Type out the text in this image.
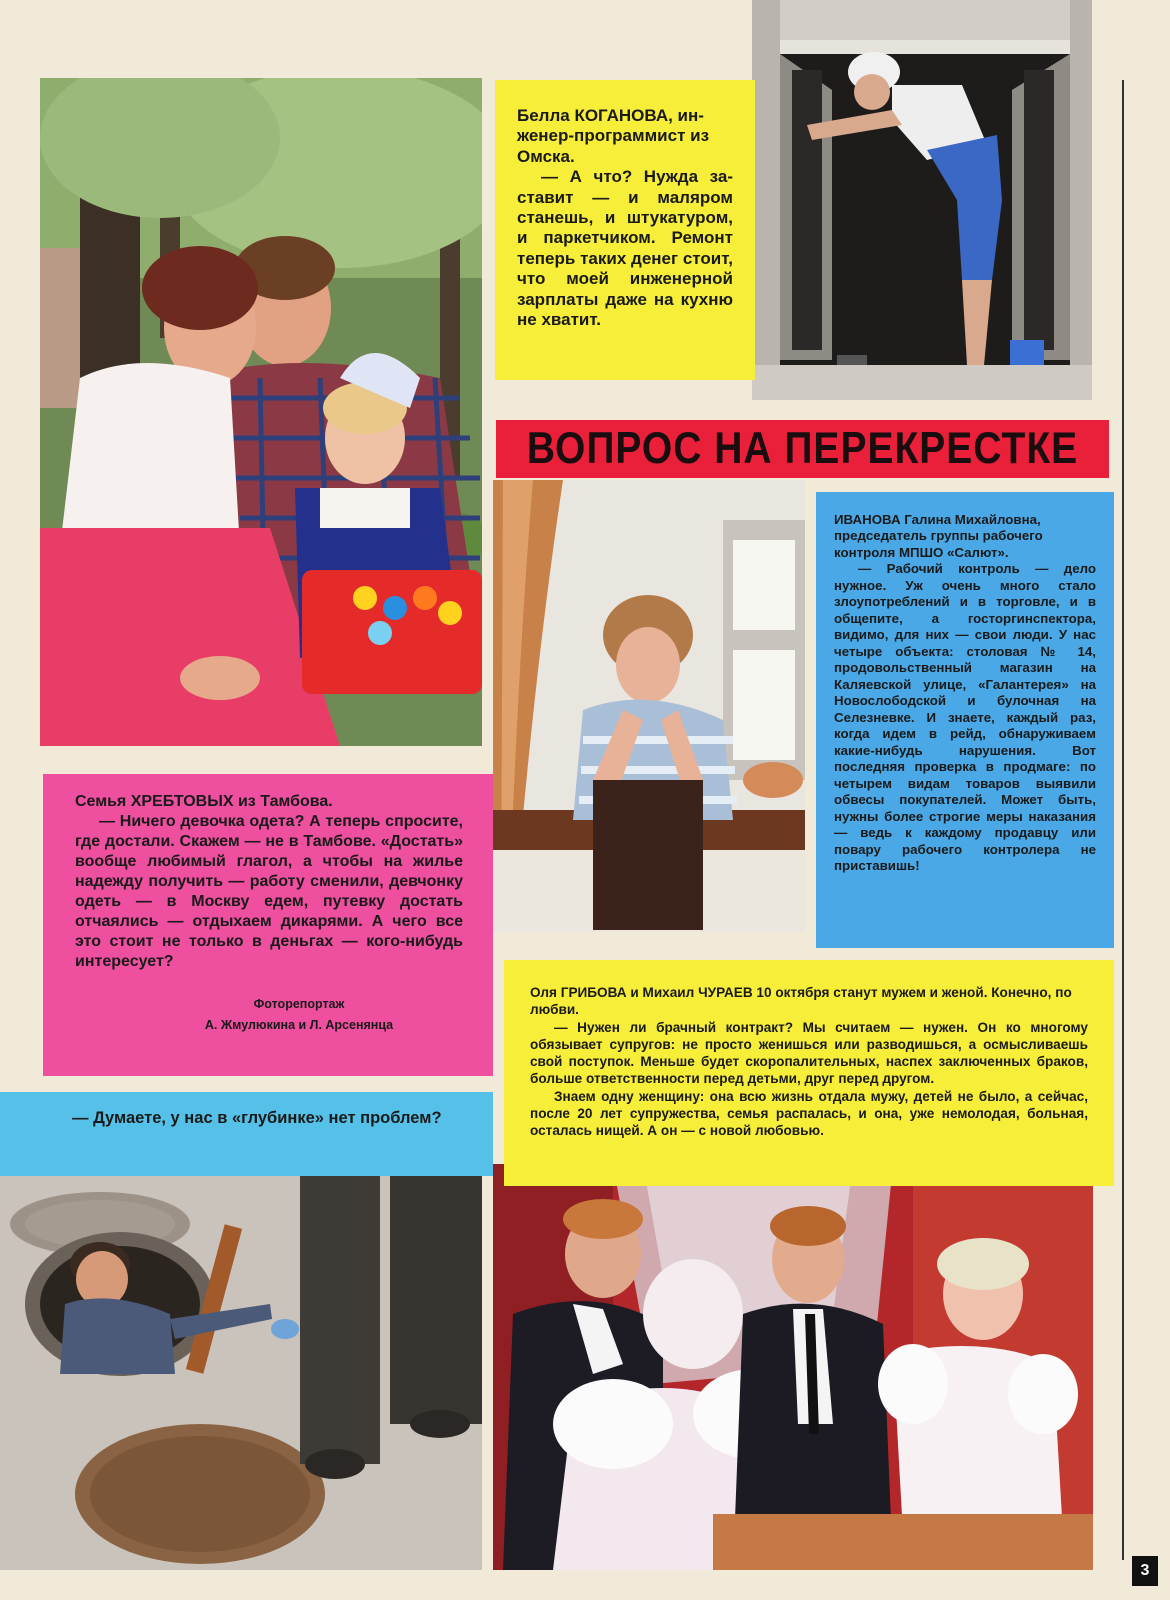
Белла КОГАНОВА, инженер-программист из Омска.

— А что? Нужда заставит — и маляром станешь, и штукатуром, и паркетчиком. Ремонт теперь таких денег стоит, что моей инженерной зарплаты даже на кухню не хватит.

ВОПРОС НА ПЕРЕКРЕСТКЕ

ИВАНОВА Галина Михайловна, председатель группы рабочего контроля МПШО «Салют».

— Рабочий контроль — дело нужное. Уж очень много стало злоупотреблений и в торговле, и в общепите, а госторгинспектора, видимо, для них — свои люди. У нас четыре объекта: столовая № 14, продовольственный магазин на Каляевской улице, «Галантерея» на Новослободской и булочная на Селезневке. И знаете, каждый раз, когда идем в рейд, обнаруживаем какие-нибудь нарушения. Вот последняя проверка в продмаге: по четырем видам товаров выявили обвесы покупателей. Может быть, нужны более строгие меры наказания — ведь к каждому продавцу или повару рабочего контролера не пристaвишь!

Семья ХРЕБТОВЫХ из Тамбова.

— Ничего девочка одета? А теперь спросите, где достали. Скажем — не в Тамбове. «Достать» вообще любимый глагол, а чтобы на жилье надежду получить — работу сменили, девчонку одеть — в Москву едем, путевку достать отчаялись — отдыхаем дикарями. А чего все это стоит не только в деньгах — кого-нибудь интересует?

Фоторепортаж
А. Жмулюкина и Л. Арсенянца

— Думаете, у нас в «глубинке» нет проблем?

Оля ГРИБОВА и Михаил ЧУРАЕВ 10 октября станут мужем и женой. Конечно, по любви.

— Нужен ли брачный контракт? Мы считаем — нужен. Он ко многому обязывает супругов: не просто женишься или разводишься, а осмысливаешь свой поступок. Меньше будет скоропалительных, наспех заключенных браков, больше ответственности перед детьми, друг перед другом.

Знаем одну женщину: она всю жизнь отдала мужу, детей не было, а сейчас, после 20 лет супружества, семья распалась, и она, уже немолодая, больная, осталась нищей. А он — с новой любовью.

3
